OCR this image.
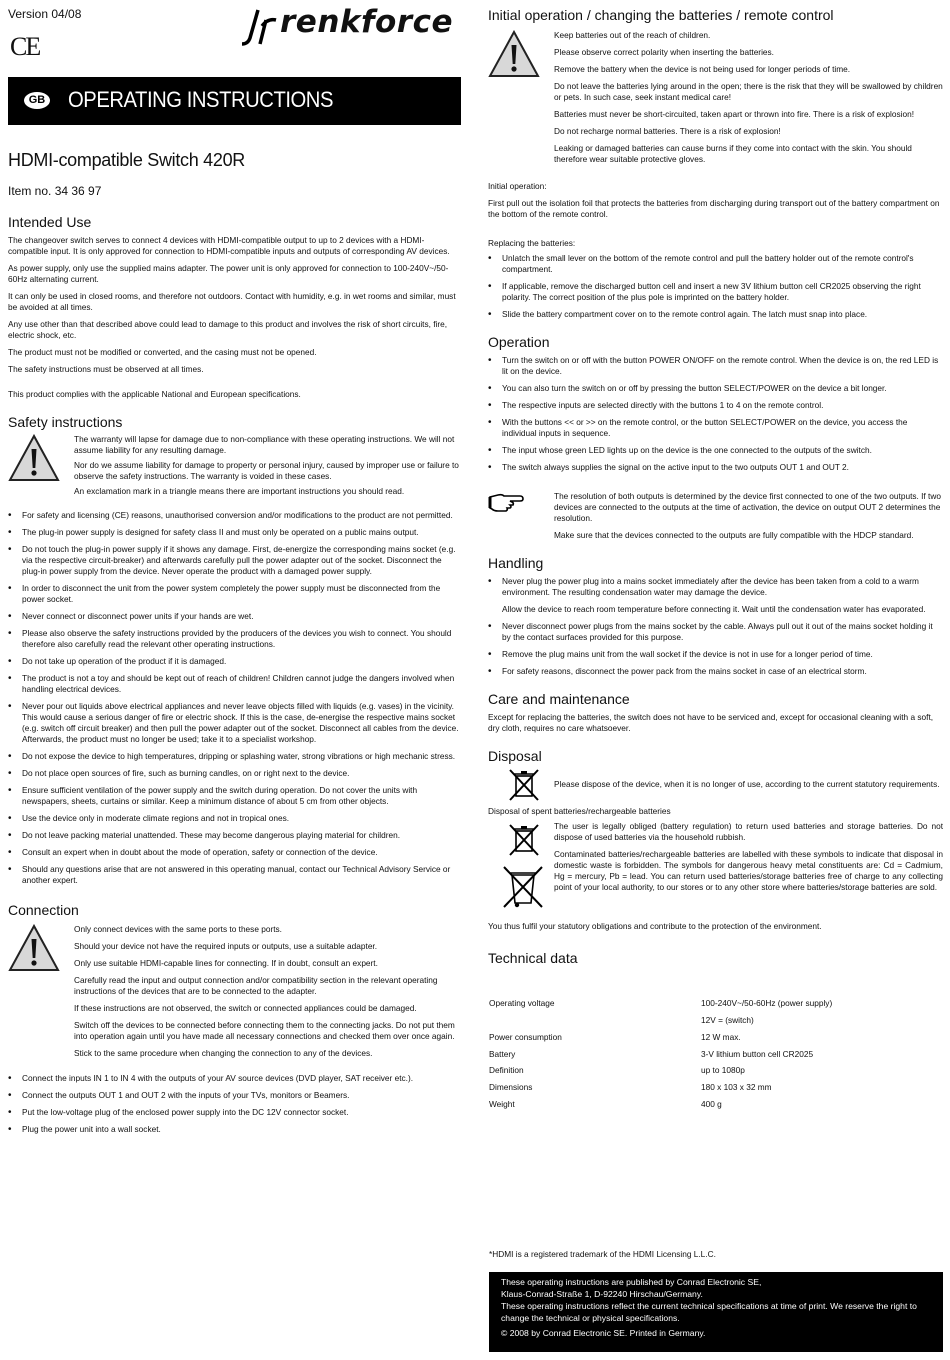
Version 04/08

CE
renkforce
GB OPERATING INSTRUCTIONS

HDMI-compatible Switch 420R

Item no. 34 36 97

Intended Use

The changeover switch serves to connect 4 devices with HDMI-compatible output to up to 2 devices with a HDMI-compatible input. It is only approved for connection to HDMI-compatible inputs and outputs of corresponding AV devices.

As power supply, only use the supplied mains adapter. The power unit is only approved for connection to 100-240V~/50-60Hz alternating current.

It can only be used in closed rooms, and therefore not outdoors. Contact with humidity, e.g. in wet rooms and similar, must be avoided at all times.

Any use other than that described above could lead to damage to this product and involves the risk of short circuits, fire, electric shock, etc.

The product must not be modified or converted, and the casing must not be opened.

The safety instructions must be observed at all times.

This product complies with the applicable National and European specifications.

Safety instructions

The warranty will lapse for damage due to non-compliance with these operating instructions. We will not assume liability for any resulting damage.

Nor do we assume liability for damage to property or personal injury, caused by improper use or failure to observe the safety instructions. The warranty is voided in these cases.

An exclamation mark in a triangle means there are important instructions you should read.

• For safety and licensing (CE) reasons, unauthorised conversion and/or modifications to the product are not permitted.
• The plug-in power supply is designed for safety class II and must only be operated on a public mains output.
• Do not touch the plug-in power supply if it shows any damage. First, de-energize the corresponding mains socket (e.g. via the respective circuit-breaker) and afterwards carefully pull the power adapter out of the socket. Disconnect the plug-in power supply from the device. Never operate the product with a damaged power supply.
• In order to disconnect the unit from the power system completely the power supply must be disconnected from the power socket.
• Never connect or disconnect power units if your hands are wet.
• Please also observe the safety instructions provided by the producers of the devices you wish to connect. You should therefore also carefully read the relevant other operating instructions.
• Do not take up operation of the product if it is damaged.
• The product is not a toy and should be kept out of reach of children! Children cannot judge the dangers involved when handling electrical devices.
• Never pour out liquids above electrical appliances and never leave objects filled with liquids (e.g. vases) in the vicinity. This would cause a serious danger of fire or electric shock. If this is the case, de-energise the respective mains socket (e.g. switch off circuit breaker) and then pull the power adapter out of the socket. Disconnect all cables from the device. Afterwards, the product must no longer be used; take it to a specialist workshop.
• Do not expose the device to high temperatures, dripping or splashing water, strong vibrations or high mechanic stress.
• Do not place open sources of fire, such as burning candles, on or right next to the device.
• Ensure sufficient ventilation of the power supply and the switch during operation. Do not cover the units with newspapers, sheets, curtains or similar. Keep a minimum distance of about 5 cm from other objects.
• Use the device only in moderate climate regions and not in tropical ones.
• Do not leave packing material unattended. These may become dangerous playing material for children.
• Consult an expert when in doubt about the mode of operation, safety or connection of the device.
• Should any questions arise that are not answered in this operating manual, contact our Technical Advisory Service or another expert.
Connection

Only connect devices with the same ports to these ports.

Should your device not have the required inputs or outputs, use a suitable adapter.

Only use suitable HDMI-capable lines for connecting. If in doubt, consult an expert.

Carefully read the input and output connection and/or compatibility section in the relevant operating instructions of the devices that are to be connected to the adapter.

If these instructions are not observed, the switch or connected appliances could be damaged.

Switch off the devices to be connected before connecting them to the connecting jacks. Do not put them into operation again until you have made all necessary connections and checked them over once again.

Stick to the same procedure when changing the connection to any of the devices.

• Connect the inputs IN 1 to IN 4 with the outputs of your AV source devices (DVD player, SAT receiver etc.).
• Connect the outputs OUT 1 and OUT 2 with the inputs of your TVs, monitors or Beamers.
• Put the low-voltage plug of the enclosed power supply into the DC 12V connector socket.
• Plug the power unit into a wall socket.
Initial operation / changing the batteries / remote control

Keep batteries out of the reach of children.

Please observe correct polarity when inserting the batteries.

Remove the battery when the device is not being used for longer periods of time.

Do not leave the batteries lying around in the open; there is the risk that they will be swallowed by children or pets. In such case, seek instant medical care!

Batteries must never be short-circuited, taken apart or thrown into fire. There is a risk of explosion!

Do not recharge normal batteries. There is a risk of explosion!

Leaking or damaged batteries can cause burns if they come into contact with the skin. You should therefore wear suitable protective gloves.

Initial operation:

First pull out the isolation foil that protects the batteries from discharging during transport out of the battery compartment on the bottom of the remote control.

Replacing the batteries:

• Unlatch the small lever on the bottom of the remote control and pull the battery holder out of the remote control's compartment.
• If applicable, remove the discharged button cell and insert a new 3V lithium button cell CR2025 observing the right polarity. The correct position of the plus pole is imprinted on the battery holder.
• Slide the battery compartment cover on to the remote control again. The latch must snap into place.
Operation
• Turn the switch on or off with the button POWER ON/OFF on the remote control. When the device is on, the red LED is lit on the device.
• You can also turn the switch on or off by pressing the button SELECT/POWER on the device a bit longer.
• The respective inputs are selected directly with the buttons 1 to 4 on the remote control.
• With the buttons << or >> on the remote control, or the button SELECT/POWER on the device, you access the individual inputs in sequence.
• The input whose green LED lights up on the device is the one connected to the outputs of the switch.
• The switch always supplies the signal on the active input to the two outputs OUT 1 and OUT 2.

The resolution of both outputs is determined by the device first connected to one of the two outputs. If two devices are connected to the outputs at the time of activation, the device on output OUT 2 determines the resolution.

Make sure that the devices connected to the outputs are fully compatible with the HDCP standard.

Handling
• Never plug the power plug into a mains socket immediately after the device has been taken from a cold to a warm environment. The resulting condensation water may damage the device.

Allow the device to reach room temperature before connecting it. Wait until the condensation water has evaporated.

• Never disconnect power plugs from the mains socket by the cable. Always pull out it out of the mains socket holding it by the contact surfaces provided for this purpose.
• Remove the plug mains unit from the wall socket if the device is not in use for a longer period of time.
• For safety reasons, disconnect the power pack from the mains socket in case of an electrical storm.
Care and maintenance

Except for replacing the batteries, the switch does not have to be serviced and, except for occasional cleaning with a soft, dry cloth, requires no care whatsoever.

Disposal

Please dispose of the device, when it is no longer of use, according to the current statutory requirements.

Disposal of spent batteries/rechargeable batteries

The user is legally obliged (battery regulation) to return used batteries and storage batteries. Do not dispose of used batteries via the household rubbish.

Contaminated batteries/rechargeable batteries are labelled with these symbols to indicate that disposal in domestic waste is forbidden. The symbols for dangerous heavy metal constituents are: Cd = Cadmium, Hg = mercury, Pb = lead. You can return used batteries/storage batteries free of charge to any collecting point of your local authority, to our stores or to any other store where batteries/storage batteries are sold.

You thus fulfil your statutory obligations and contribute to the protection of the environment.

Technical data
Operating voltage	100-240V~/50-60Hz (power supply)
12V = (switch)
Power consumption	12 W max.
Battery	3-V lithium button cell CR2025
Definition	up to 1080p
Dimensions	180 x 103 x 32 mm
Weight	400 g

*HDMI is a registered trademark of the HDMI Licensing L.L.C.

These operating instructions are published by Conrad Electronic SE,

Klaus-Conrad-Straße 1, D-92240 Hirschau/Germany.

These operating instructions reflect the current technical specifications at time of print. We reserve the right to change the technical or physical specifications.

© 2008 by Conrad Electronic SE. Printed in Germany.
